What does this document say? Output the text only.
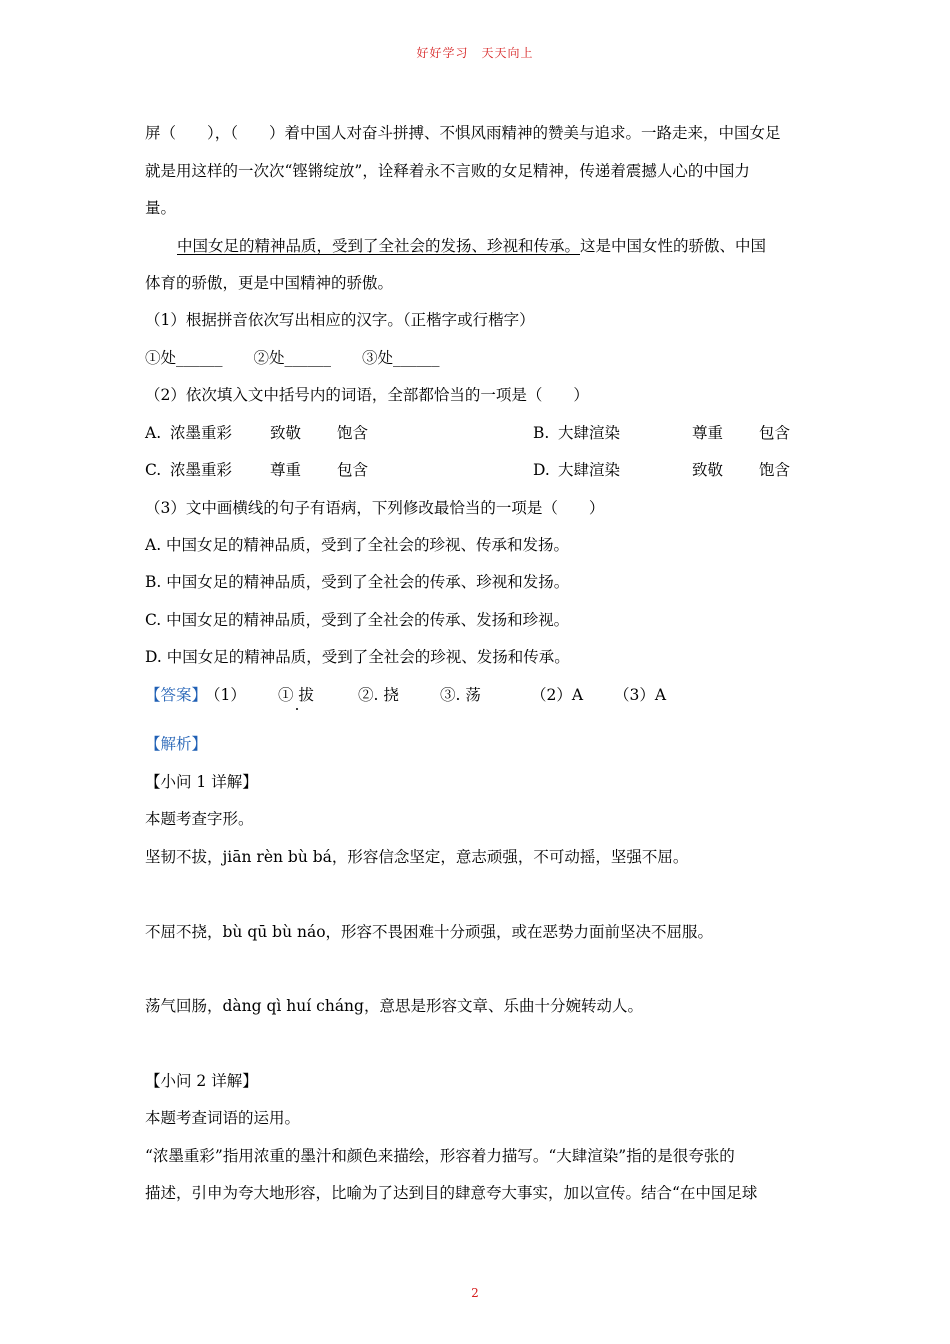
好好学习　天天向上
屏（　　），（　　）着中国人对奋斗拼搏、不惧风雨精神的赞美与追求。一路走来，中国女足
就是用这样的一次次“铿锵绽放”，诠释着永不言败的女足精神，传递着震撼人心的中国力
量。
中国女足的精神品质，受到了全社会的发扬、珍视和传承。这是中国女性的骄傲、中国
体育的骄傲，更是中国精神的骄傲。
（1）根据拼音依次写出相应的汉字。（正楷字或行楷字）
①处______　　②处______　　③处______
（2）依次填入文中括号内的词语，全部都恰当的一项是（　　）
A. 浓墨重彩 致敬 饱含	B. 大肆渲染	尊重 包含
C. 浓墨重彩 尊重 包含	D. 大肆渲染	致敬 饱含
（3）文中画横线的句子有语病，下列修改最恰当的一项是（　　）
A. 中国女足的精神品质，受到了全社会的珍视、传承和发扬。
B. 中国女足的精神品质，受到了全社会的传承、珍视和发扬。
C. 中国女足的精神品质，受到了全社会的传承、发扬和珍视。
D. 中国女足的精神品质，受到了全社会的珍视、发扬和传承。
【答案】
（1） ① 拔	②. 挠	③. 荡	（2）A （3）A
【解析】
【小问 1 详解】
本题考查字形。
坚韧不拔，jiān rèn bù bá，形容信念坚定，意志顽强，不可动摇，坚强不屈。
不屈不挠，bù qū bù náo，形容不畏困难十分顽强，或在恶势力面前坚决不屈服。
荡气回肠，dàng qì huí cháng，意思是形容文章、乐曲十分婉转动人。
【小问 2 详解】
本题考查词语的运用。
“浓墨重彩”指用浓重的墨汁和颜色来描绘，形容着力描写。“大肆渲染”指的是很夸张的
描述，引申为夸大地形容，比喻为了达到目的肆意夸大事实，加以宣传。结合“在中国足球
2
